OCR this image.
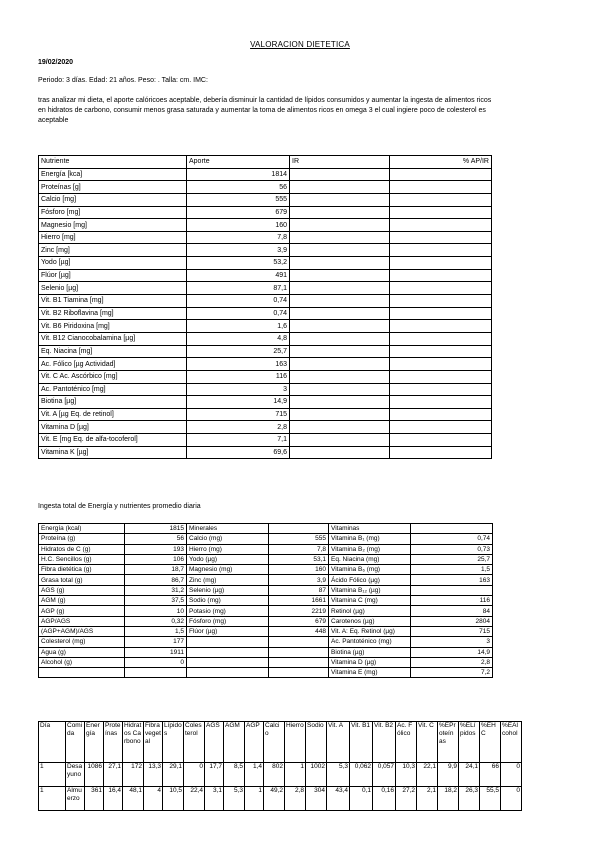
VALORACION DIETETICA
19/02/2020
Periodo: 3 días. Edad: 21 años. Peso: . Talla: cm. IMC:
tras analizar mi dieta, el aporte calóricoes aceptable, debería disminuir la cantidad de lípidos consumidos y aumentar la ingesta de alimentos ricos en hidratos de carbono, consumir menos grasa saturada y aumentar la toma de alimentos ricos en omega 3 el cual ingiere poco de colesterol es aceptable
Nutriente	Aporte	IR	% AP/IR
Energía [kca]	1814		
Proteínas [g]	56		
Calcio [mg]	555		
Fósforo [mg]	679		
Magnesio [mg]	160		
Hierro [mg]	7,8		
Zinc [mg]	3,9		
Yodo [µg]	53,2		
Flúor [µg]	491		
Selenio [µg]	87,1		
Vit. B1 Tiamina [mg]	0,74		
Vit. B2 Riboflavina [mg]	0,74		
Vit. B6 Piridoxina [mg]	1,6		
Vit. B12 Cianocobalamina [µg]	4,8		
Eq. Niacina [mg]	25,7		
Ac. Fólico [µg Actividad]	163		
Vit. C Ac. Ascórbico [mg]	116		
Ac. Pantoténico [mg]	3		
Biotina [µg]	14,9		
Vit. A [µg Eq. de retinol]	715		
Vitamina D [µg]	2,8		
Vit. E [mg Eq. de alfa-tocoferol]	7,1		
Vitamina K [µg]	69,6		
Ingesta total de Energía y nutrientes promedio diaria
Energía (kcal)	1815	Minerales		Vitaminas	
Proteína (g)	56	Calcio (mg)	555	Vitamina B₁ (mg)	0,74
Hidratos de C (g)	193	Hierro (mg)	7,8	Vitamina B₂ (mg)	0,73
H.C. Sencillos (g)	106	Yodo (µg)	53,1	Eq. Niacina (mg)	25,7
Fibra dietética (g)	18,7	Magnesio (mg)	160	Vitamina B₆ (mg)	1,5
Grasa total (g)	86,7	Zinc (mg)	3,9	Ácido Fólico (µg)	163
AGS (g)	31,2	Selenio (µg)	87	Vitamina B₁₂ (µg)	
AGM (g)	37,5	Sodio (mg)	1661	Vitamina C (mg)	116
AGP (g)	10	Potasio (mg)	2219	Retinol (µg)	84
AGP/AGS	0,32	Fósforo (mg)	679	Carotenos (µg)	2804
(AGP+AGM)/AGS	1,5	Flúor (µg)	448	Vit. A: Eq. Retinol (µg)	715
Colesterol (mg)	177			Ac. Pantoténico (mg)	3
Agua (g)	1911			Biotina (µg)	14,9
Alcohol (g)	0			Vitamina D (µg)	2,8
				Vitamina E (mg)	7,2
Día	Comida	Energía	Proteínas	Hidratos Carbono	Fibra vegetal	Lípidos	Colesterol	AGS	AGM	AGP	Calcio	Hierro	Sodio	Vit. A	Vit. B1	Vit. B2	Ac. Fólico	Vit. C	%EProteínas	%ELípidos	%EHC	%EAlcohol
1	Desayuno	1086	27,1	172	13,3	29,1	0	17,7	8,5	1,4	802	1	1002	5,3	0,062	0,057	10,3	22,1	9,9	24,1	66	0
1	Almuerzo	361	16,4	48,1	4	10,5	22,4	3,1	5,3	1	49,2	2,8	304	43,4	0,1	0,16	27,2	2,1	18,2	26,3	55,5	0
